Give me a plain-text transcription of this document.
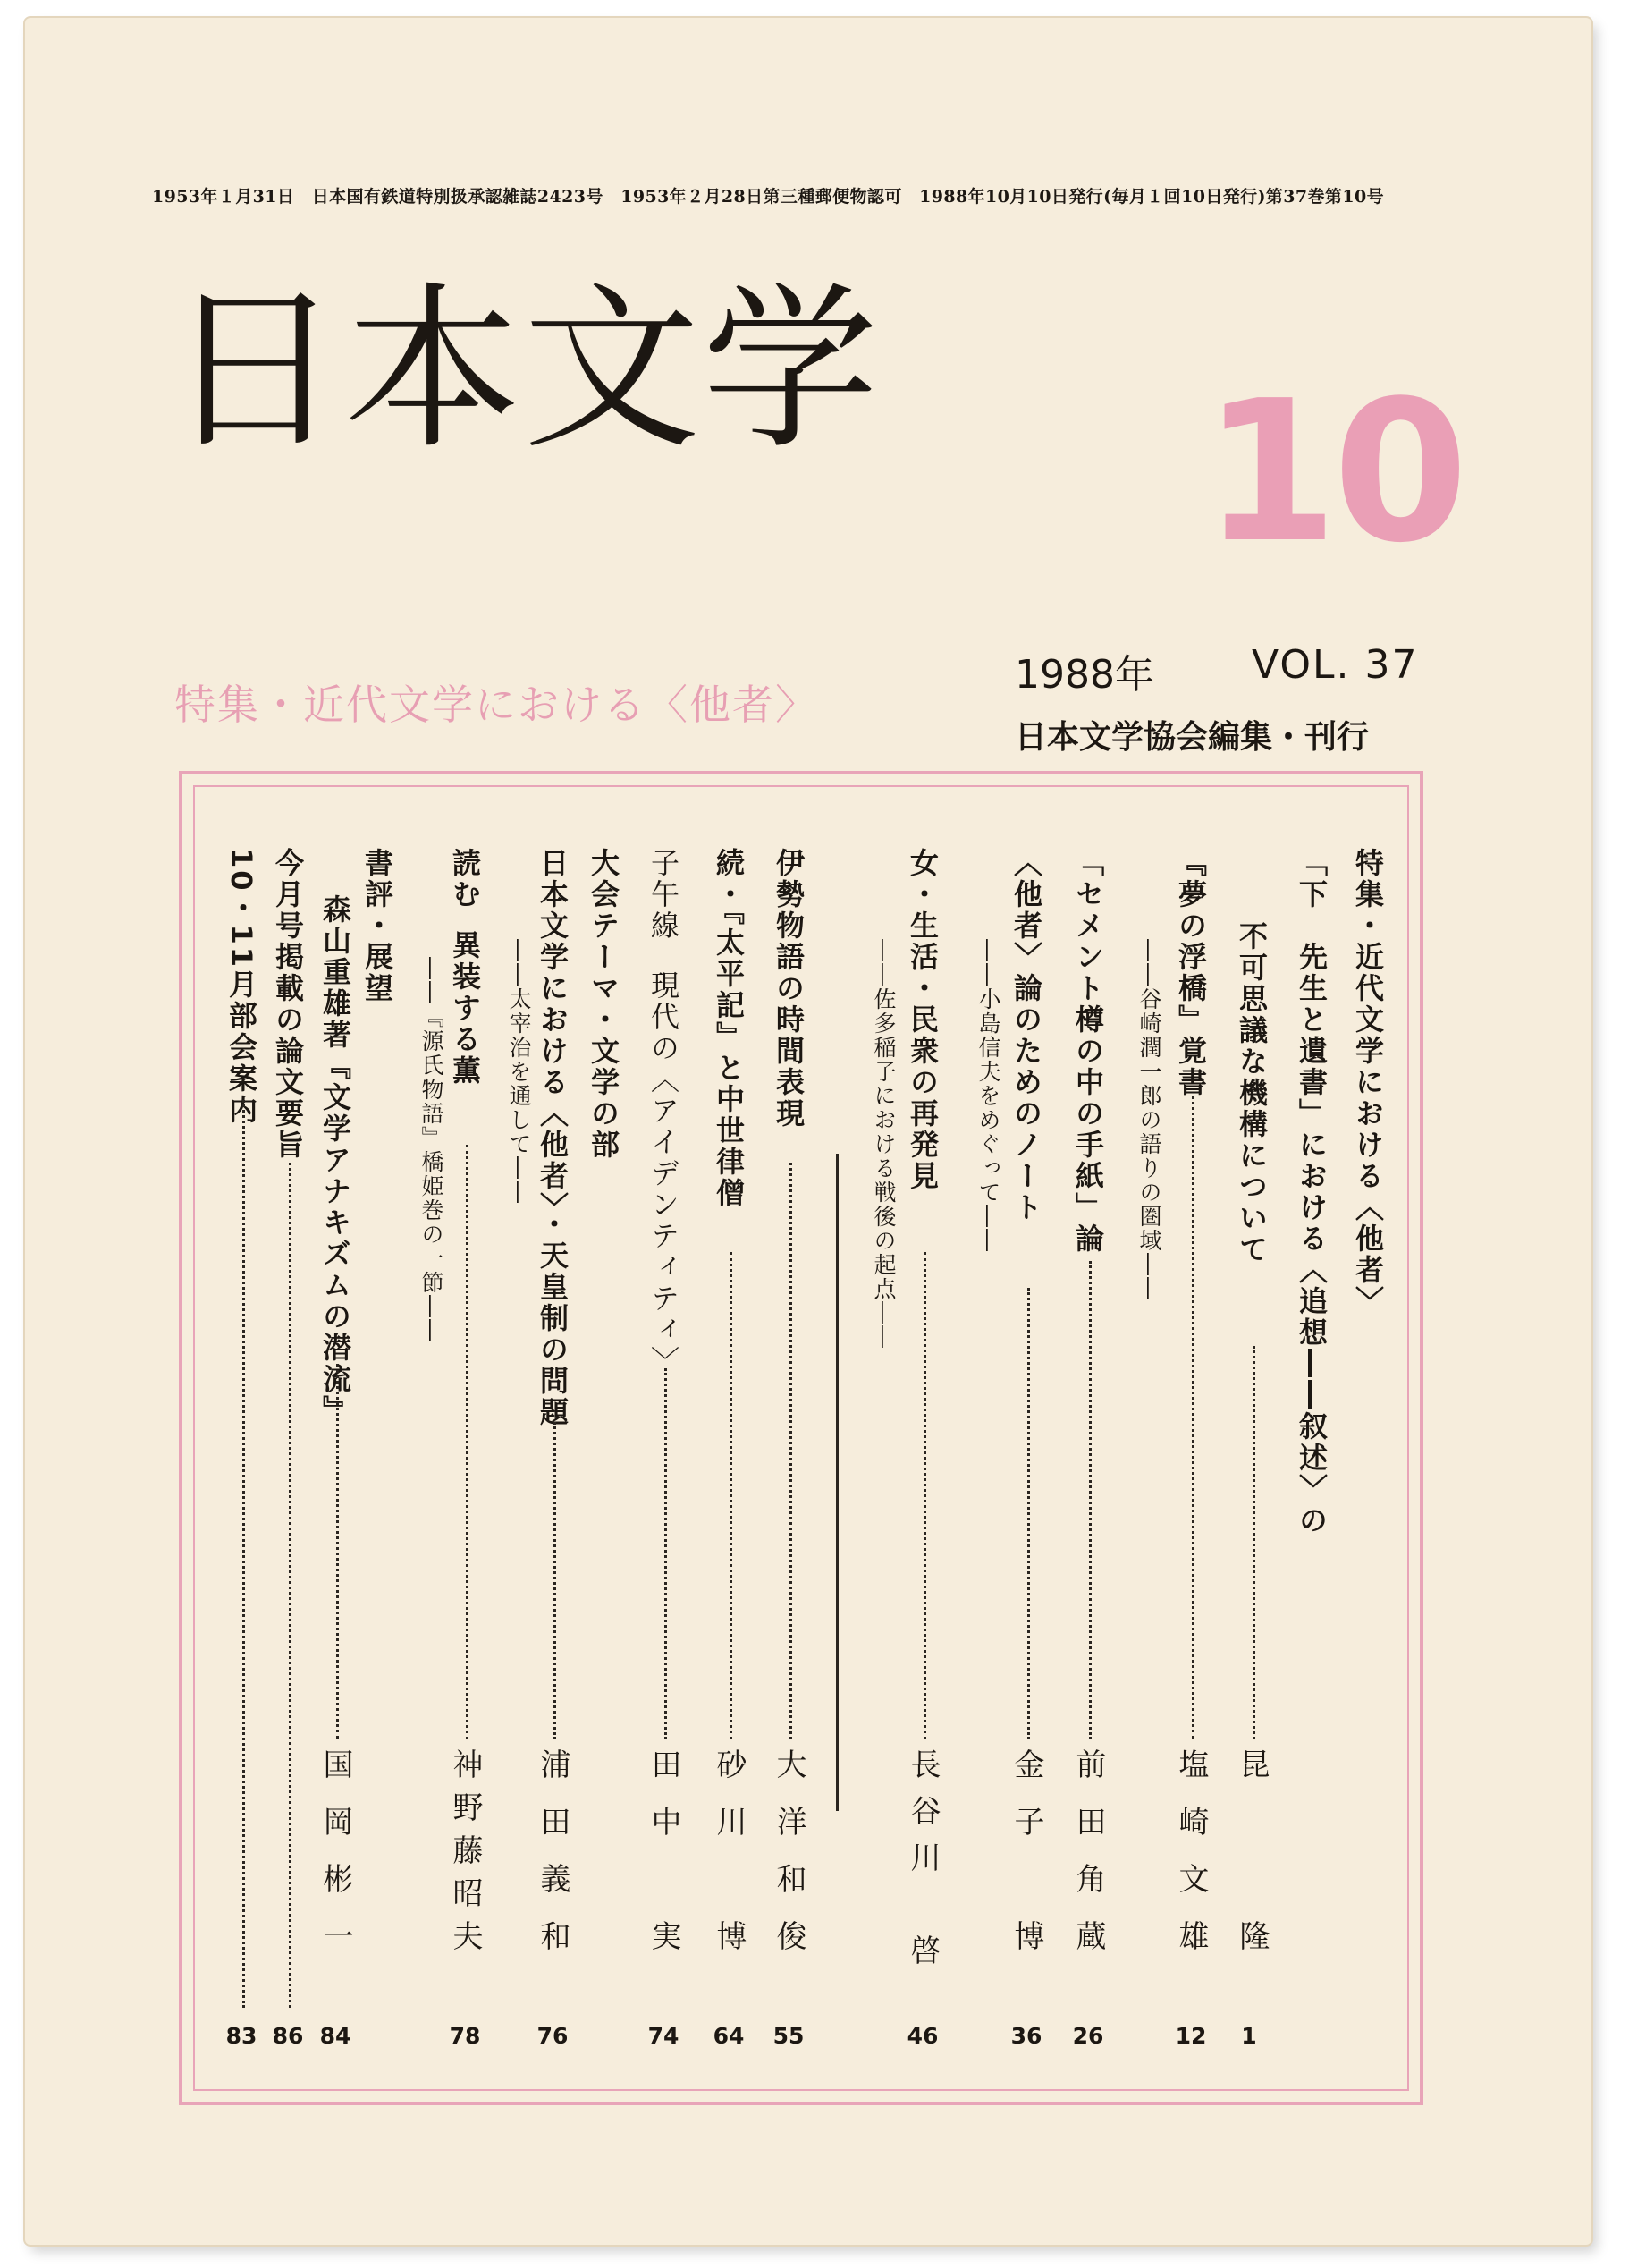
1953年１月31日　日本国有鉄道特別扱承認雑誌2423号　1953年２月28日第三種郵便物認可　1988年10月10日発行(毎月１回10日発行)第37巻第10号
日本文学 10
1988年 VOL. 37
日本文学協会編集・刊行
特集・近代文学における〈他者〉
特集・近代文学における〈他者〉
「下　先生と遺書」における〈追想――叙述〉の
不可思議な機構について
昆　　隆
1
『夢の浮橋』覚書
――谷崎潤一郎の語りの圏域――
塩崎文雄
12
「セメント樽の中の手紙」論
前田角蔵
26
〈他者〉論のためのノート
――小島信夫をめぐって――
金子　博
36
女・生活・民衆の再発見
――佐多稲子における戦後の起点――
長谷川　啓
46
伊勢物語の時間表現
大洋和俊
55
続・『太平記』と中世律僧
砂川　博
64
子午線
現代の〈アイデンティティ〉
田中　実
74
大会テーマ・文学の部
日本文学における〈他者〉・天皇制の問題
――太宰治を通して――
浦田義和
76
読む
異装する薫
――『源氏物語』橋姫巻の一節――
神野藤昭夫
78
書評・展望
森山重雄著『文学アナキズムの潜流』
国岡彬一
84
今月号掲載の論文要旨
86
10・11月部会案内
83
